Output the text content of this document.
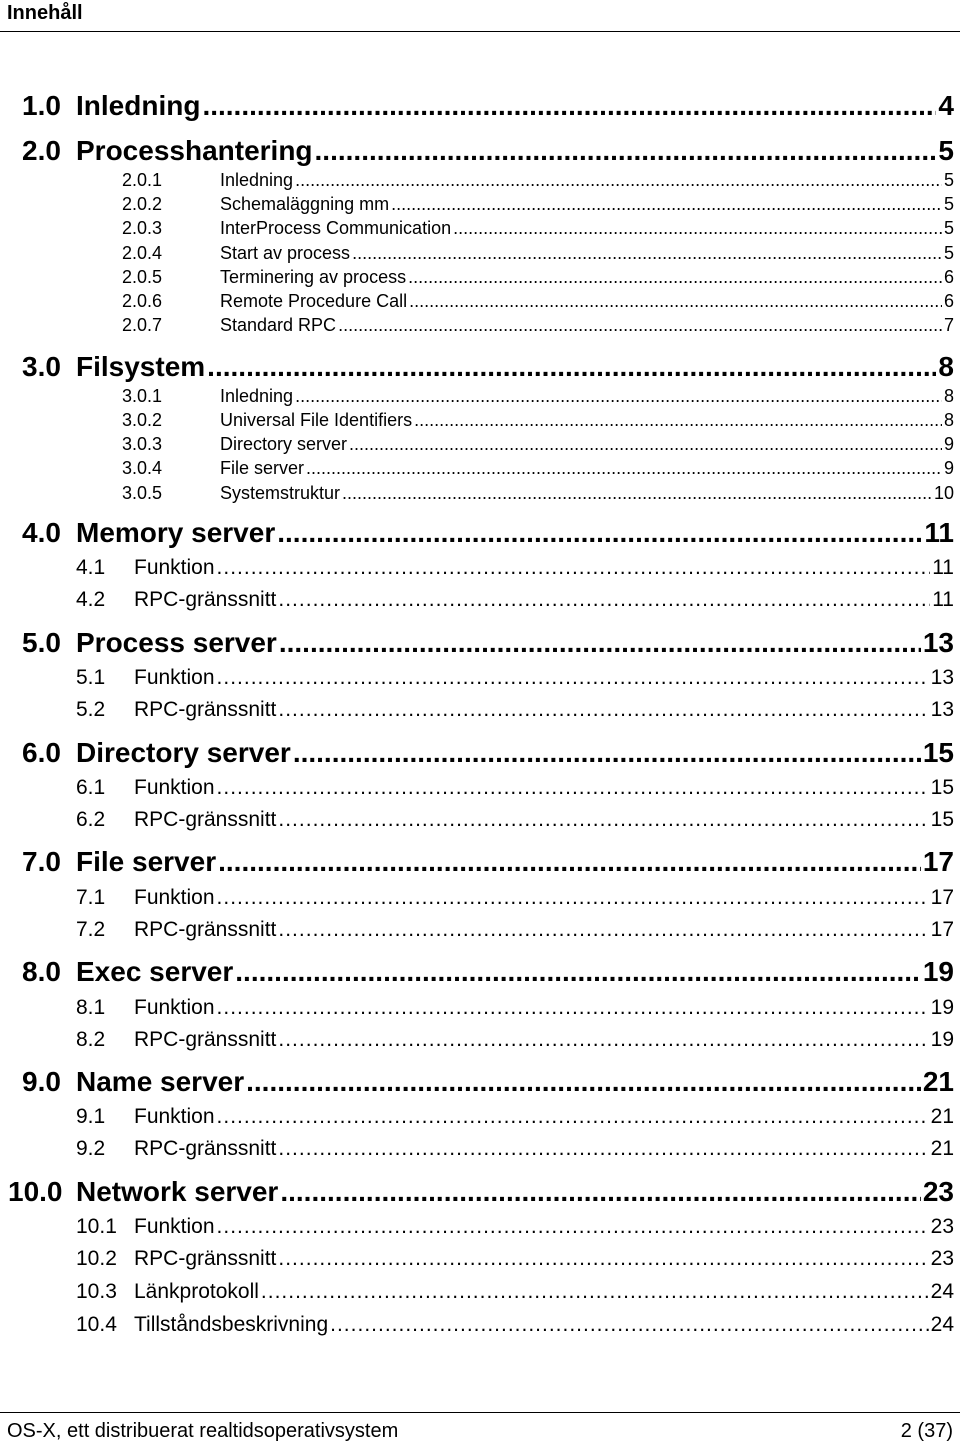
Innehåll
1.0 Inledning .....	4
2.0 Processhantering .....	5
2.0.1	Inledning .....	5
2.0.2	Schemaläggning mm .....	5
2.0.3	InterProcess Communication .....	5
2.0.4	Start av process .....	5
2.0.5	Terminering av process .....	6
2.0.6	Remote Procedure Call .....	6
2.0.7	Standard RPC .....	7
3.0 Filsystem .....	8
3.0.1	Inledning .....	8
3.0.2	Universal File Identifiers .....	8
3.0.3	Directory server .....	9
3.0.4	File server .....	9
3.0.5	Systemstruktur .....	10
4.0 Memory server .....	11
4.1	Funktion .....	11
4.2	RPC-gränssnitt .....	11
5.0 Process server .....	13
5.1	Funktion .....	13
5.2	RPC-gränssnitt .....	13
6.0 Directory server .....	15
6.1	Funktion .....	15
6.2	RPC-gränssnitt .....	15
7.0 File server .....	17
7.1	Funktion .....	17
7.2	RPC-gränssnitt .....	17
8.0 Exec server .....	19
8.1	Funktion .....	19
8.2	RPC-gränssnitt .....	19
9.0 Name server .....	21
9.1	Funktion .....	21
9.2	RPC-gränssnitt .....	21
10.0 Network server .....	23
10.1 Funktion .....	23
10.2 RPC-gränssnitt .....	23
10.3 Länkprotokoll .....	24
10.4 Tillståndsbeskrivning .....	24
OS-X, ett distribuerat realtidsoperativsystem	2 (37)
